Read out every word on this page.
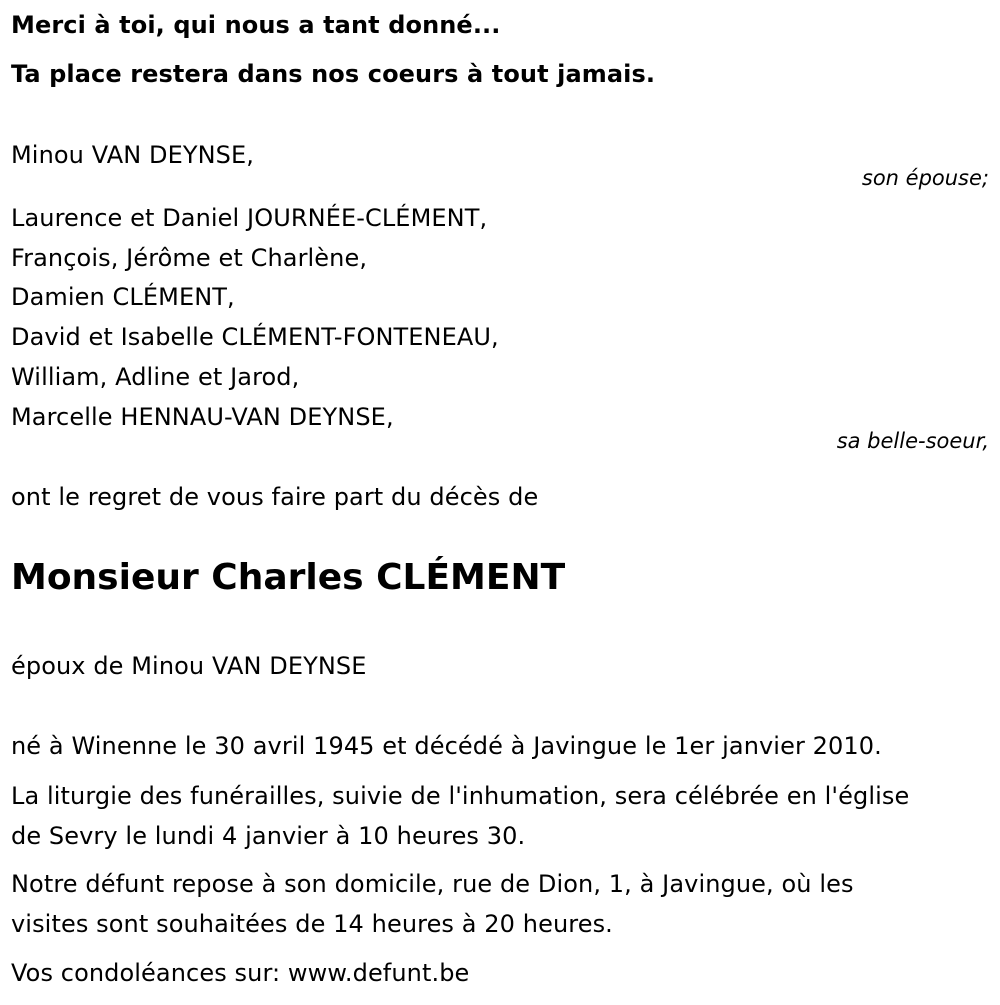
Merci à toi, qui nous a tant donné...
Ta place restera dans nos coeurs à tout jamais.
Minou VAN DEYNSE,
son épouse;
Laurence et Daniel JOURNÉE-CLÉMENT,
François, Jérôme et Charlène,
Damien CLÉMENT,
David et Isabelle CLÉMENT-FONTENEAU,
William, Adline et Jarod,
Marcelle HENNAU-VAN DEYNSE,
sa belle-soeur,
ont le regret de vous faire part du décès de
Monsieur Charles CLÉMENT
époux de Minou VAN DEYNSE
né à Winenne le 30 avril 1945 et décédé à Javingue le 1er janvier 2010.
La liturgie des funérailles, suivie de l'inhumation, sera célébrée en l'église
de Sevry le lundi 4 janvier à 10 heures 30.
Notre défunt repose à son domicile, rue de Dion, 1, à Javingue, où les
visites sont souhaitées de 14 heures à 20 heures.
Vos condoléances sur: www.defunt.be
